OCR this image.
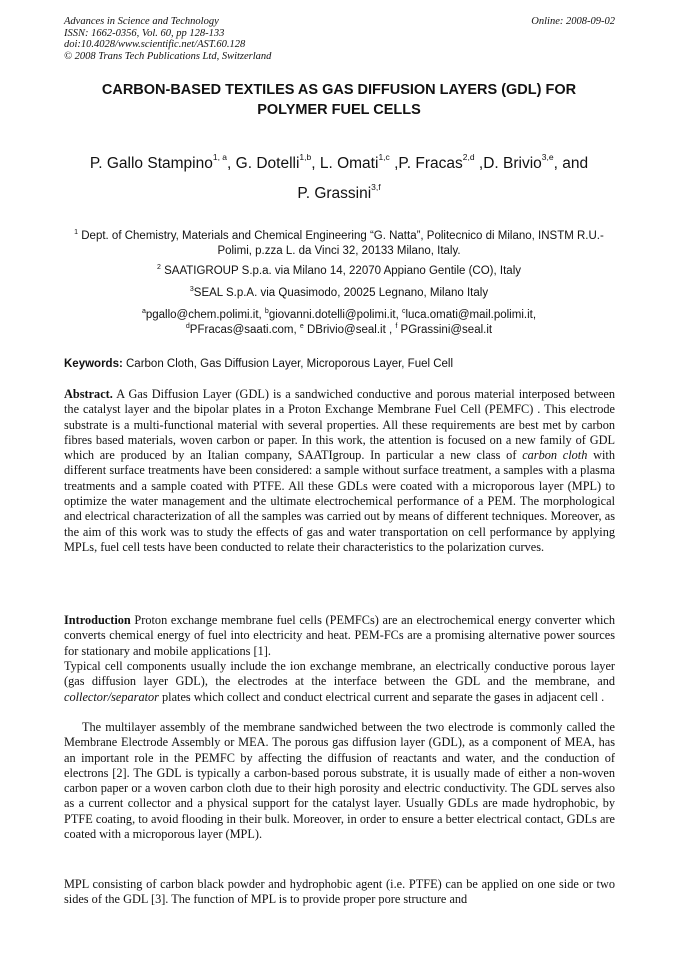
Advances in Science and Technology
ISSN: 1662-0356, Vol. 60, pp 128-133
doi:10.4028/www.scientific.net/AST.60.128
© 2008 Trans Tech Publications Ltd, Switzerland
Online: 2008-09-02
CARBON-BASED TEXTILES AS GAS DIFFUSION LAYERS (GDL) FOR
POLYMER FUEL CELLS
P. Gallo Stampino$^{1, a}$, G. Dotelli$^{1,b}$, L. Omati$^{1,c}$ ,P. Fracas$^{2,d}$ ,D. Brivio$^{3,e}$, and
P. Grassini$^{3,f}$
$^1$ Dept. of Chemistry, Materials and Chemical Engineering “G. Natta”, Politecnico di Milano, INSTM R.U.-Polimi, p.zza L. da Vinci 32, 20133 Milano, Italy.
$^2$ SAATIGROUP S.p.a. via Milano 14, 22070 Appiano Gentile (CO), Italy
$^3$SEAL S.p.A. via Quasimodo, 20025 Legnano, Milano Italy
$^a$pgallo@chem.polimi.it, $^b$giovanni.dotelli@polimi.it, $^c$luca.omati@mail.polimi.it,
$^d$PFracas@saati.com, $^e$ DBrivio@seal.it , $^f$ PGrassini@seal.it
Keywords: Carbon Cloth, Gas Diffusion Layer, Microporous Layer, Fuel Cell
Abstract. A Gas Diffusion Layer (GDL) is a sandwiched conductive and porous material interposed between the catalyst layer and the bipolar plates in a Proton Exchange Membrane Fuel Cell (PEMFC) . This electrode substrate is a multi-functional material with several properties. All these requirements are best met by carbon fibres based materials, woven carbon or paper. In this work, the attention is focused on a new family of GDL which are produced by an Italian company, SAATIgroup. In particular a new class of carbon cloth with different surface treatments have been considered: a sample without surface treatment, a samples with a plasma treatments and a sample coated with PTFE. All these GDLs were coated with a microporous layer (MPL) to optimize the water management and the ultimate electrochemical performance of a PEM. The morphological and electrical characterization of all the samples was carried out by means of different techniques. Moreover, as the aim of this work was to study the effects of gas and water transportation on cell performance by applying MPLs, fuel cell tests have been conducted to relate their characteristics to the polarization curves.
Introduction Proton exchange membrane fuel cells (PEMFCs) are an electrochemical energy converter which converts chemical energy of fuel into electricity and heat. PEM-FCs are a promising alternative power sources for stationary and mobile applications [1].
Typical cell components usually include the ion exchange membrane, an electrically conductive porous layer (gas diffusion layer GDL), the electrodes at the interface between the GDL and the membrane, and collector/separator plates which collect and conduct electrical current and separate the gases in adjacent cell .
The multilayer assembly of the membrane sandwiched between the two electrode is commonly called the Membrane Electrode Assembly or MEA. The porous gas diffusion layer (GDL), as a component of MEA, has an important role in the PEMFC by affecting the diffusion of reactants and water, and the conduction of electrons [2]. The GDL is typically a carbon-based porous substrate, it is usually made of either a non-woven carbon paper or a woven carbon cloth due to their high porosity and electric conductivity. The GDL serves also as a current collector and a physical support for the catalyst layer. Usually GDLs are made hydrophobic, by PTFE coating, to avoid flooding in their bulk. Moreover, in order to ensure a better electrical contact, GDLs are coated with a microporous layer (MPL).
MPL consisting of carbon black powder and hydrophobic agent (i.e. PTFE) can be applied on one side or two sides of the GDL [3]. The function of MPL is to provide proper pore structure and
